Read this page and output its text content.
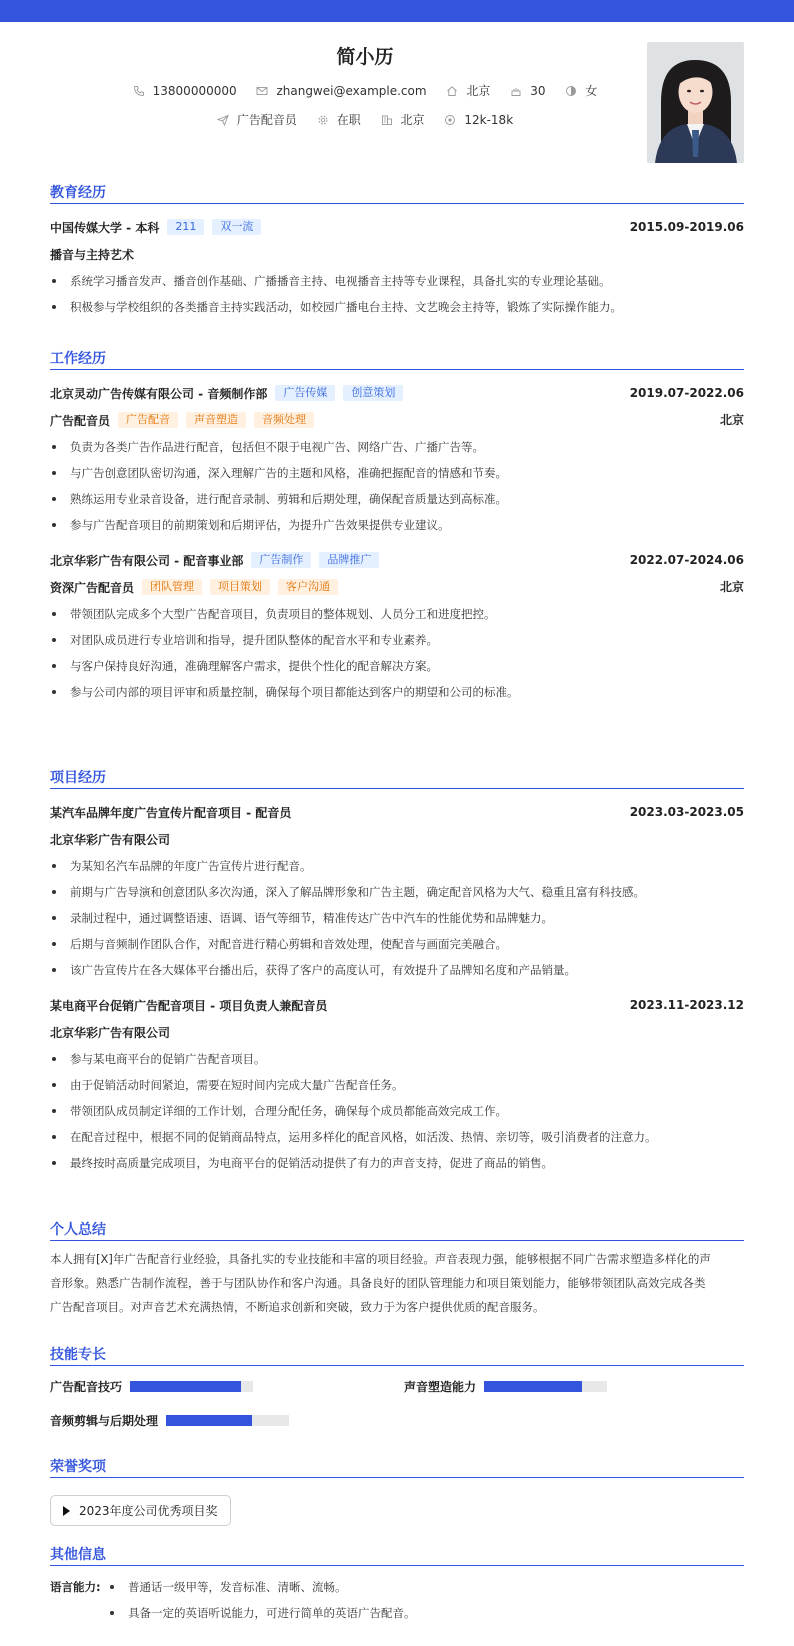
简小历
13800000000
	zhangwei@example.com
	北京
	30
	女
广告配音员
	在职
	北京
	12k-18k
教育经历
中国传媒大学 - 本科	211	双一流	2015.09-2019.06
播音与主持艺术
系统学习播音发声、播音创作基础、广播播音主持、电视播音主持等专业课程，具备扎实的专业理论基础。
积极参与学校组织的各类播音主持实践活动，如校园广播电台主持、文艺晚会主持等，锻炼了实际操作能力。
工作经历
北京灵动广告传媒有限公司 - 音频制作部	广告传媒	创意策划	2019.07-2022.06
广告配音员	广告配音	声音塑造	音频处理	北京
负责为各类广告作品进行配音，包括但不限于电视广告、网络广告、广播广告等。
与广告创意团队密切沟通，深入理解广告的主题和风格，准确把握配音的情感和节奏。
熟练运用专业录音设备，进行配音录制、剪辑和后期处理，确保配音质量达到高标准。
参与广告配音项目的前期策划和后期评估，为提升广告效果提供专业建议。
北京华彩广告有限公司 - 配音事业部	广告制作	品牌推广	2022.07-2024.06
资深广告配音员	团队管理	项目策划	客户沟通	北京
带领团队完成多个大型广告配音项目，负责项目的整体规划、人员分工和进度把控。
对团队成员进行专业培训和指导，提升团队整体的配音水平和专业素养。
与客户保持良好沟通，准确理解客户需求，提供个性化的配音解决方案。
参与公司内部的项目评审和质量控制，确保每个项目都能达到客户的期望和公司的标准。
项目经历
某汽车品牌年度广告宣传片配音项目 - 配音员	2023.03-2023.05
北京华彩广告有限公司
为某知名汽车品牌的年度广告宣传片进行配音。
前期与广告导演和创意团队多次沟通，深入了解品牌形象和广告主题，确定配音风格为大气、稳重且富有科技感。
录制过程中，通过调整语速、语调、语气等细节，精准传达广告中汽车的性能优势和品牌魅力。
后期与音频制作团队合作，对配音进行精心剪辑和音效处理，使配音与画面完美融合。
该广告宣传片在各大媒体平台播出后，获得了客户的高度认可，有效提升了品牌知名度和产品销量。
某电商平台促销广告配音项目 - 项目负责人兼配音员	2023.11-2023.12
北京华彩广告有限公司
参与某电商平台的促销广告配音项目。
由于促销活动时间紧迫，需要在短时间内完成大量广告配音任务。
带领团队成员制定详细的工作计划，合理分配任务，确保每个成员都能高效完成工作。
在配音过程中，根据不同的促销商品特点，运用多样化的配音风格，如活泼、热情、亲切等，吸引消费者的注意力。
最终按时高质量完成项目，为电商平台的促销活动提供了有力的声音支持，促进了商品的销售。
个人总结
本人拥有[X]年广告配音行业经验，具备扎实的专业技能和丰富的项目经验。声音表现力强，能够根据不同广告需求塑造多样化的声
音形象。熟悉广告制作流程，善于与团队协作和客户沟通。具备良好的团队管理能力和项目策划能力，能够带领团队高效完成各类
广告配音项目。对声音艺术充满热情，不断追求创新和突破，致力于为客户提供优质的配音服务。
技能专长
广告配音技巧	声音塑造能力
音频剪辑与后期处理
荣誉奖项
2023年度公司优秀项目奖
其他信息
语言能力:	普通话一级甲等，发音标准、清晰、流畅。
具备一定的英语听说能力，可进行简单的英语广告配音。
